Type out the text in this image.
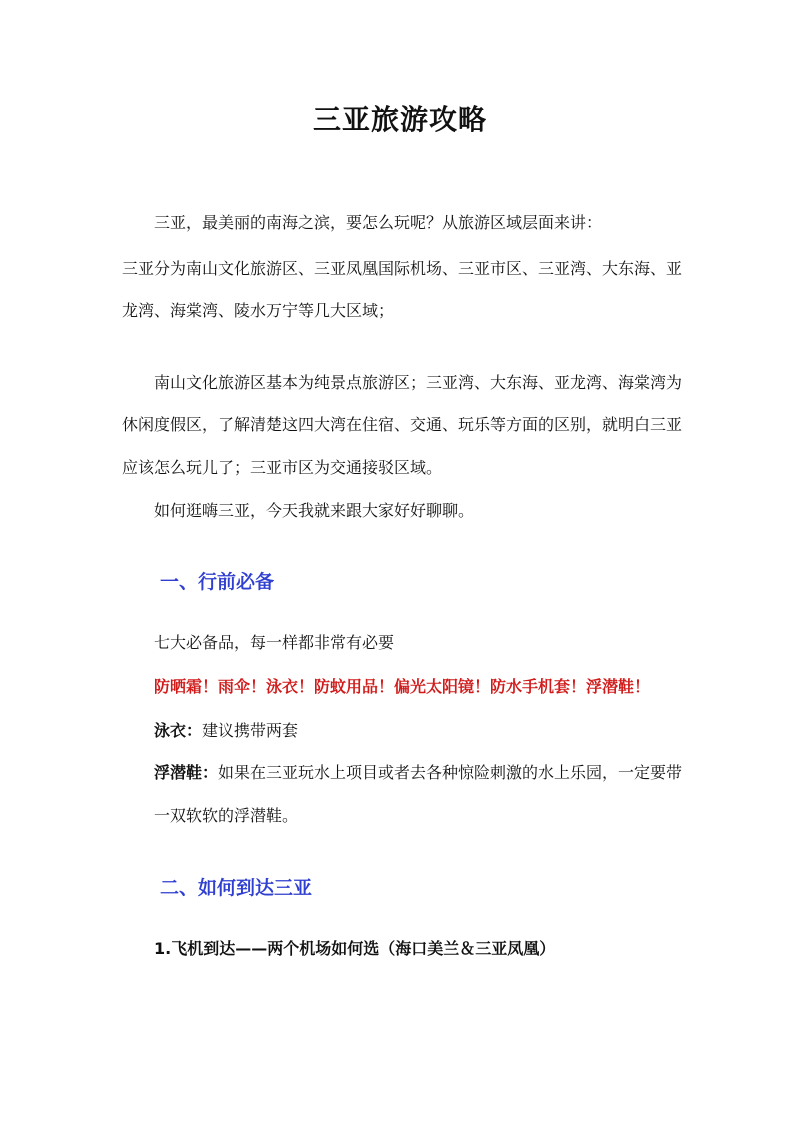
三亚旅游攻略
三亚，最美丽的南海之滨，要怎么玩呢？从旅游区域层面来讲：
三亚分为南山文化旅游区、三亚凤凰国际机场、三亚市区、三亚湾、大东海、亚
龙湾、海棠湾、陵水万宁等几大区域；
南山文化旅游区基本为纯景点旅游区；三亚湾、大东海、亚龙湾、海棠湾为
休闲度假区，了解清楚这四大湾在住宿、交通、玩乐等方面的区别，就明白三亚
应该怎么玩儿了；三亚市区为交通接驳区域。
如何逛嗨三亚，今天我就来跟大家好好聊聊。
一、行前必备
七大必备品，每一样都非常有必要
防晒霜！雨伞！泳衣！防蚊用品！偏光太阳镜！防水手机套！浮潜鞋！
泳衣：建议携带两套
浮潜鞋：如果在三亚玩水上项目或者去各种惊险刺激的水上乐园，一定要带
一双软软的浮潜鞋。
二、如何到达三亚
1.飞机到达——两个机场如何选（海口美兰＆三亚凤凰）
